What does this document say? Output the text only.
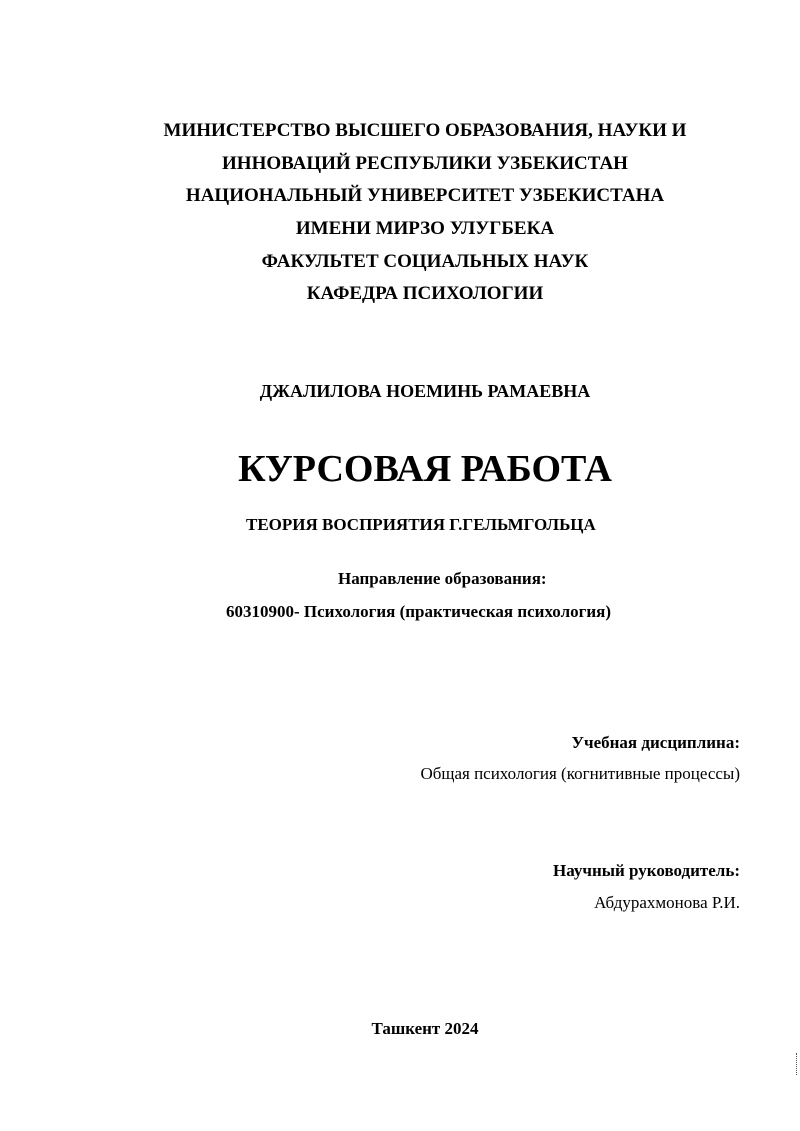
МИНИСТЕРСТВО ВЫСШЕГО ОБРАЗОВАНИЯ, НАУКИ И
ИННОВАЦИЙ РЕСПУБЛИКИ УЗБЕКИСТАН
НАЦИОНАЛЬНЫЙ УНИВЕРСИТЕТ УЗБЕКИСТАНА
ИМЕНИ МИРЗО УЛУГБЕКА
ФАКУЛЬТЕТ СОЦИАЛЬНЫХ НАУК
КАФЕДРА ПСИХОЛОГИИ
ДЖАЛИЛОВА НОЕМИНЬ РАМАЕВНА
КУРСОВАЯ РАБОТА
ТЕОРИЯ ВОСПРИЯТИЯ Г.ГЕЛЬМГОЛЬЦА
Направление образования:
60310900- Психология (практическая психология)
Учебная дисциплина:
Общая психология (когнитивные процессы)
Научный руководитель:
Абдурахмонова Р.И.
Ташкент 2024
